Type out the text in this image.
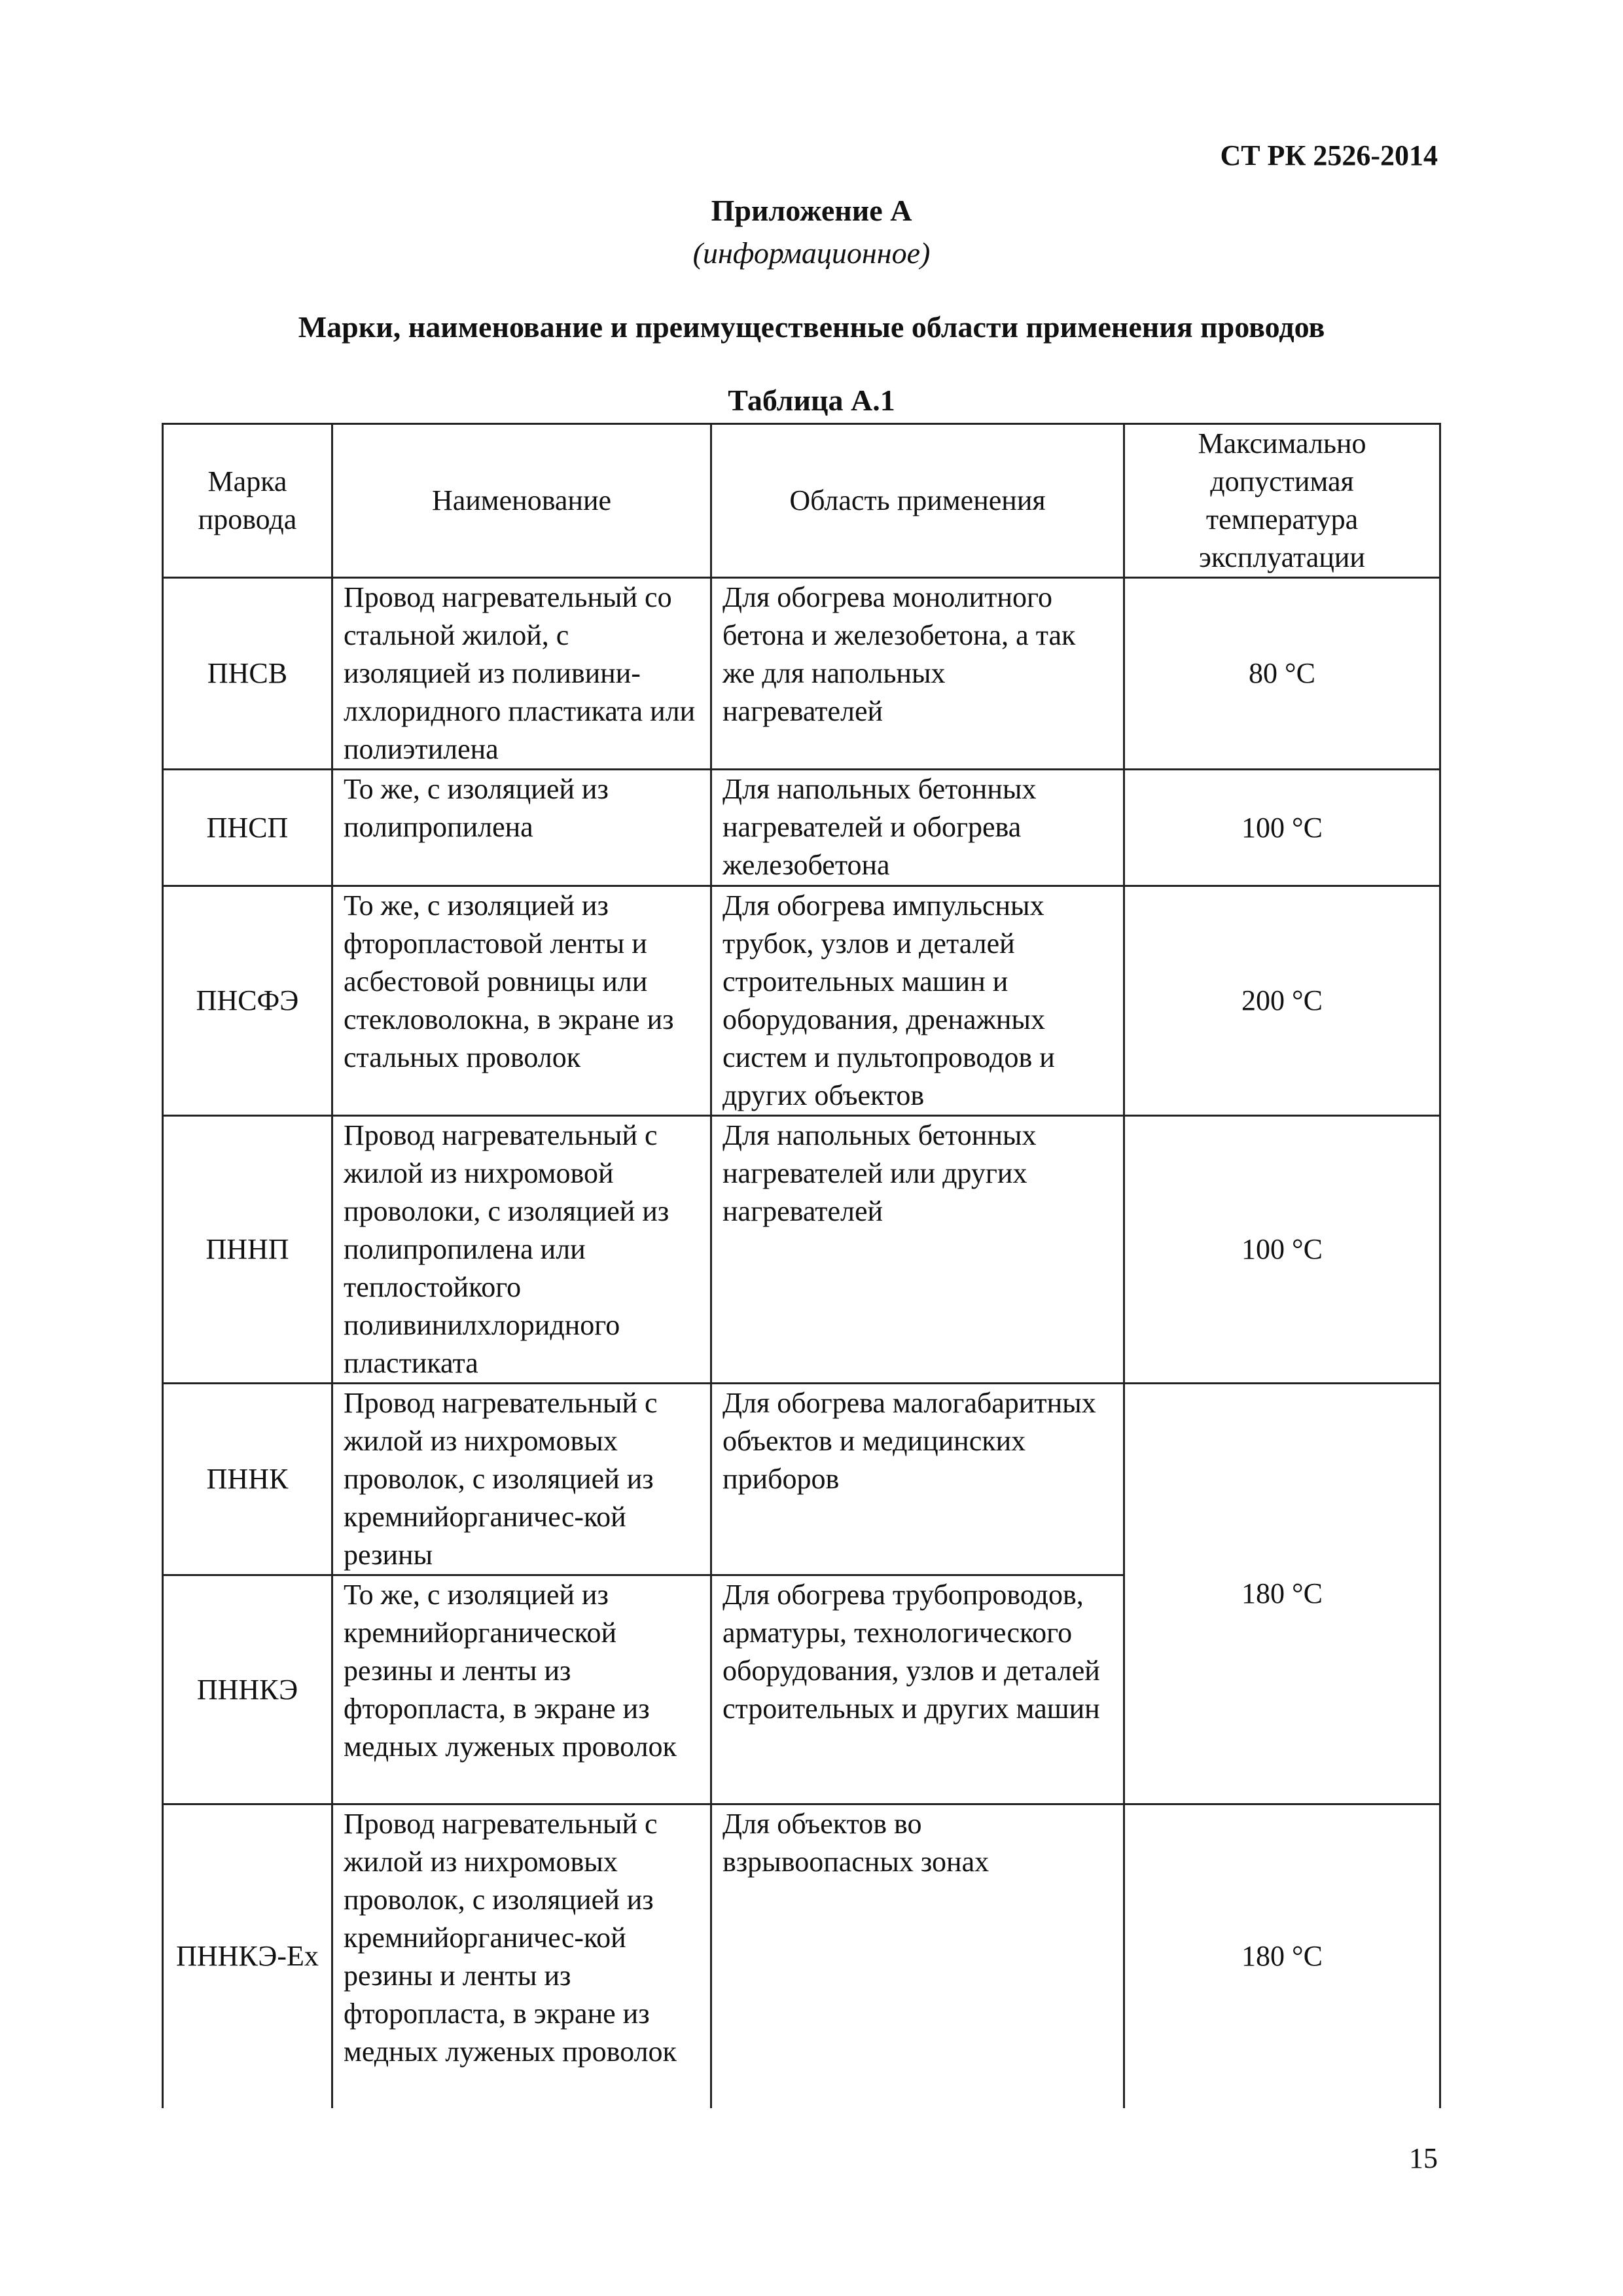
СТ РК 2526-2014
Приложение А
(информационное)
Марки, наименование и преимущественные области применения проводов
Таблица А.1
Марка провода	Наименование	Область применения	Максимально допустимая температура эксплуатации
ПНСВ	Провод нагревательный со стальной жилой, с изоляцией из поливини-лхлоридного пластиката или полиэтилена	Для обогрева монолитного бетона и железобетона, а так же для напольных нагревателей	80 °С
ПНСП	То же, с изоляцией из полипропилена	Для напольных бетонных нагревателей и обогрева железобетона	100 °С
ПНСФЭ	То же, с изоляцией из фторопластовой ленты и асбестовой ровницы или стекловолокна, в экране из стальных проволок	Для обогрева импульсных трубок, узлов и деталей строительных машин и оборудования, дренажных систем и пультопроводов и других объектов	200 °С
ПННП	Провод нагревательный с жилой из нихромовой проволоки, с изоляцией из полипропилена или теплостойкого поливинилхлоридного пластиката	Для напольных бетонных нагревателей или других нагревателей	100 °С
ПННК	Провод нагревательный с жилой из нихромовых проволок, с изоляцией из кремнийорганичес-кой резины	Для обогрева малогабаритных объектов и медицинских приборов	180 °С
ПННКЭ	То же, с изоляцией из кремнийорганической резины и ленты из фторопласта, в экране из медных луженых проволок	Для обогрева трубопроводов, арматуры, технологического оборудования, узлов и деталей строительных и других машин	
ПННКЭ-Ex	Провод нагревательный с жилой из нихромовых проволок, с изоляцией из кремнийорганичес-кой резины и ленты из фторопласта, в экране из медных луженых проволок	Для объектов во взрывоопасных зонах	180 °С
15
